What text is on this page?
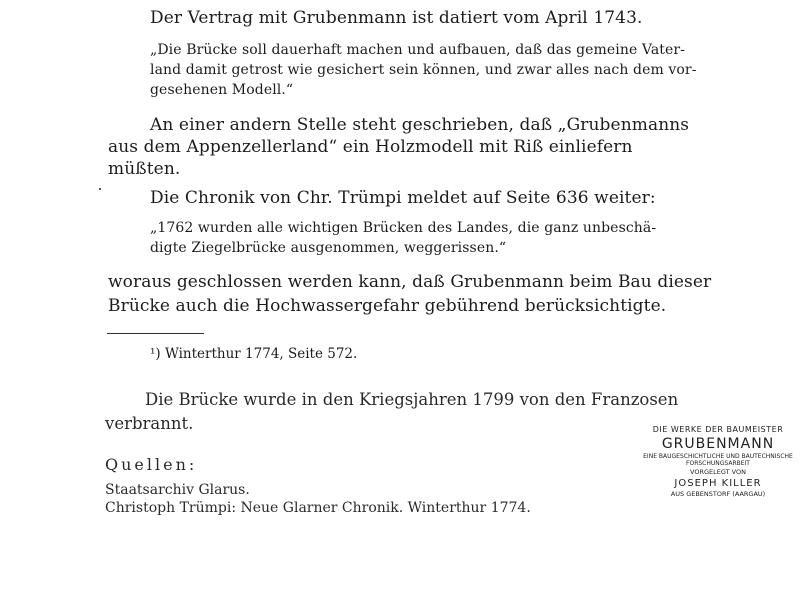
Der Vertrag mit Grubenmann ist datiert vom April 1743.
„Die Brücke soll dauerhaft machen und aufbauen, daß das gemeine Vater-
land damit getrost wie gesichert sein können, und zwar alles nach dem vor-
gesehenen Modell.“
An einer andern Stelle steht geschrieben, daß „Grubenmanns
aus dem Appenzellerland“ ein Holzmodell mit Riß einliefern
müßten.
Die Chronik von Chr. Trümpi meldet auf Seite 636 weiter:
„1762 wurden alle wichtigen Brücken des Landes, die ganz unbeschä-
digte Ziegelbrücke ausgenommen, weggerissen.“
woraus geschlossen werden kann, daß Grubenmann beim Bau dieser
Brücke auch die Hochwassergefahr gebührend berücksichtigte.
¹) Winterthur 1774, Seite 572.
Die Brücke wurde in den Kriegsjahren 1799 von den Franzosen
verbrannt.
Quellen:
Staatsarchiv Glarus.
Christoph Trümpi: Neue Glarner Chronik. Winterthur 1774.
DIE WERKE DER BAUMEISTER
GRUBENMANN
EINE BAUGESCHICHTLICHE UND BAUTECHNISCHE FORSCHUNGSARBEIT
VORGELEGT VON
JOSEPH KILLER
AUS GEBENSTORF (AARGAU)
